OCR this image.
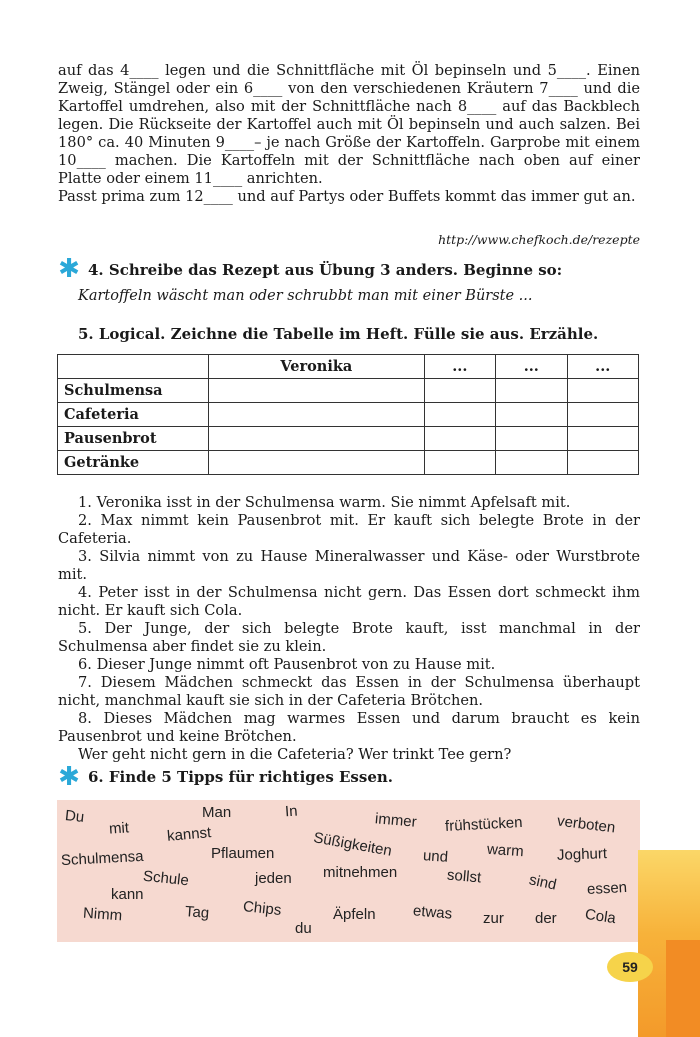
auf das 4____ legen und die Schnittfläche mit Öl bepinseln und 5____. Einen Zweig, Stängel oder ein 6____ von den verschiedenen Kräutern 7____ und die Kartoffel umdrehen, also mit der Schnittfläche nach 8____ auf das Backblech legen. Die Rückseite der Kartoffel auch mit Öl bepinseln und auch salzen. Bei 180° ca. 40 Minuten 9____– je nach Größe der Kartoffeln. Garprobe mit einem 10____ machen. Die Kartoffeln mit der Schnittfläche nach oben auf einer Platte oder einem 11____ anrichten.

Passt prima zum 12____ und auf Partys oder Buffets kommt das immer gut an.

http://www.chefkoch.de/rezepte
✱ 4. Schreibe das Rezept aus Übung 3 anders. Beginne so:
Kartoffeln wäscht man oder schrubbt man mit einer Bürste ...
5. Logical. Zeichne die Tabelle im Heft. Fülle sie aus. Erzähle.
	Veronika	...	...	...
Schulmensa				
Cafeteria				
Pausenbrot				
Getränke				
1. Veronika isst in der Schulmensa warm. Sie nimmt Apfelsaft mit.
2. Max nimmt kein Pausenbrot mit. Er kauft sich belegte Brote in der Cafeteria.
3. Silvia nimmt von zu Hause Mineralwasser und Käse- oder Wurstbrote mit.
4. Peter isst in der Schulmensa nicht gern. Das Essen dort schmeckt ihm nicht. Er kauft sich Cola.
5. Der Junge, der sich belegte Brote kauft, isst manchmal in der Schulmensa aber findet sie zu klein.
6. Dieser Junge nimmt oft Pausenbrot von zu Hause mit.
7. Diesem Mädchen schmeckt das Essen in der Schulmensa überhaupt nicht, manchmal kauft sie sich in der Cafeteria Brötchen.
8. Dieses Mädchen mag warmes Essen und darum braucht es kein Pausenbrot und keine Brötchen.
Wer geht nicht gern in die Cafeteria? Wer trinkt Tee gern?
✱ 6. Finde 5 Tipps für richtiges Essen.
Du
mit
Man
kannst
In	immer frühstücken verboten
Schulmensa	Pflaumen	Süßigkeiten und	warm Joghurt
Schule	jeden mitnehmen	sollst	sind essen
kann
Nimm	Tag Chips
du
Äpfeln etwas zur der Cola
59
